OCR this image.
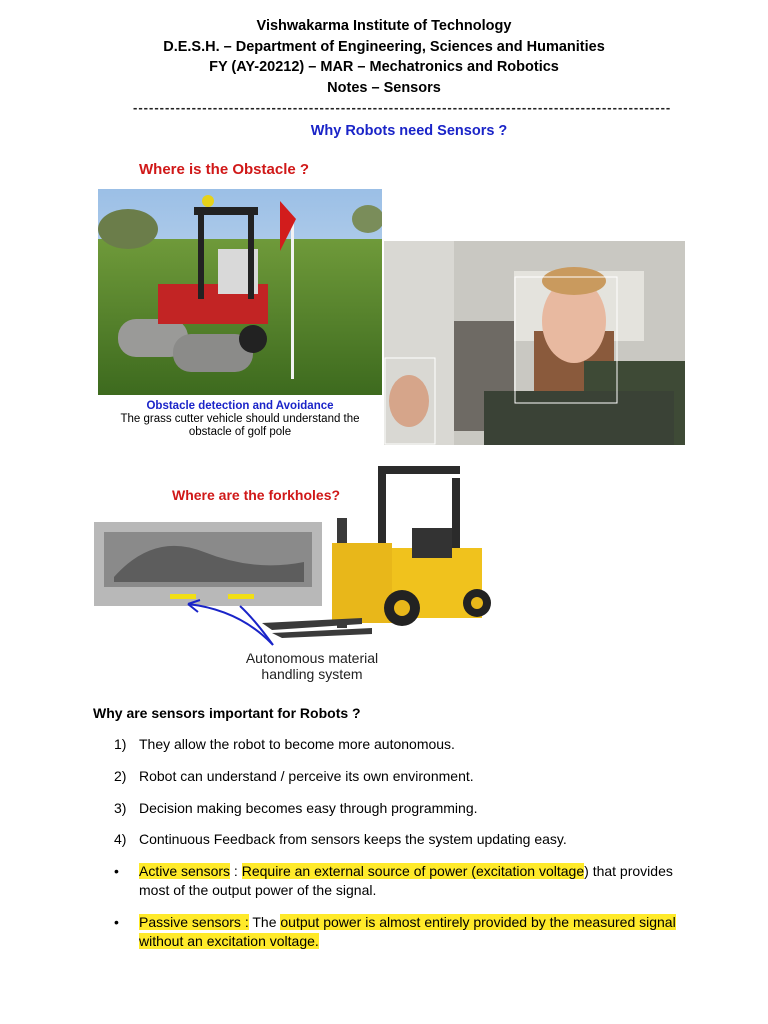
Vishwakarma Institute of Technology
D.E.S.H. – Department of Engineering, Sciences and Humanities
FY (AY-20212) – MAR – Mechatronics and Robotics
Notes – Sensors
-----------------------------------------------------------------------------------------------------
Why Robots need Sensors ?
Where is the Obstacle ?
Obstacle detection and Avoidance
The grass cutter vehicle should understand the
obstacle of golf pole
Where are the forkholes?
Autonomous material
handling system
Why are sensors important for Robots ?
1) They allow the robot to become more autonomous.
2) Robot can understand / perceive its own environment.
3) Decision making becomes easy through programming.
4) Continuous Feedback from sensors keeps the system updating easy.
• Active sensors : Require an external source of power (excitation voltage) that provides most of the output power of the signal.
• Passive sensors : The output power is almost entirely provided by the measured signal without an excitation voltage.
